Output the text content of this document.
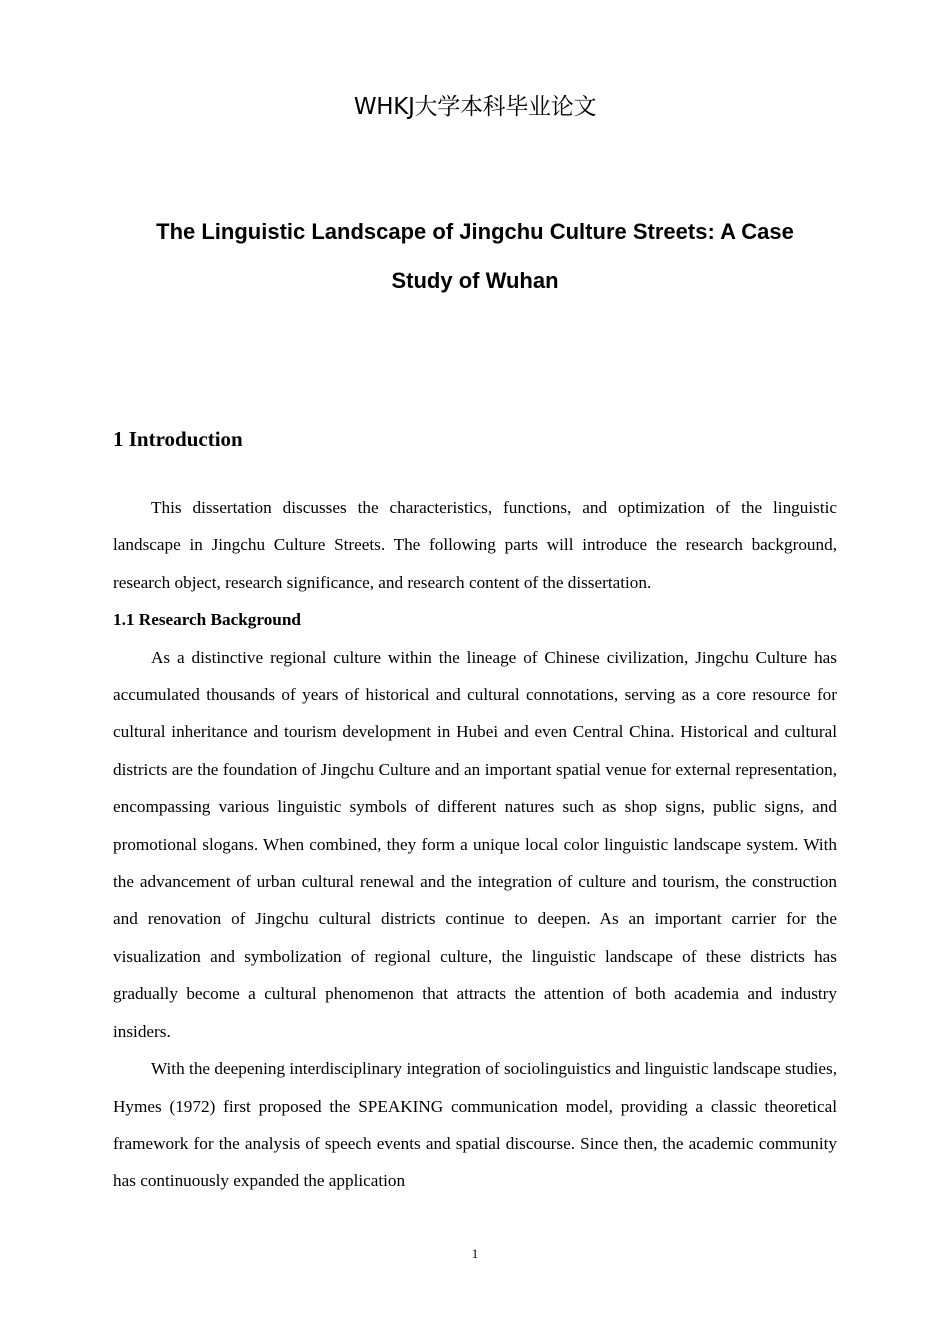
WHKJ大学本科毕业论文
The Linguistic Landscape of Jingchu Culture Streets: A Case
Study of Wuhan
1 Introduction

This dissertation discusses the characteristics, functions, and optimization of the linguistic landscape in Jingchu Culture Streets. The following parts will introduce the research background, research object, research significance, and research content of the dissertation.

1.1 Research Background

As a distinctive regional culture within the lineage of Chinese civilization, Jingchu Culture has accumulated thousands of years of historical and cultural connotations, serving as a core resource for cultural inheritance and tourism development in Hubei and even Central China. Historical and cultural districts are the foundation of Jingchu Culture and an important spatial venue for external representation, encompassing various linguistic symbols of different natures such as shop signs, public signs, and promotional slogans. When combined, they form a unique local color linguistic landscape system. With the advancement of urban cultural renewal and the integration of culture and tourism, the construction and renovation of Jingchu cultural districts continue to deepen. As an important carrier for the visualization and symbolization of regional culture, the linguistic landscape of these districts has gradually become a cultural phenomenon that attracts the attention of both academia and industry insiders.

With the deepening interdisciplinary integration of sociolinguistics and linguistic landscape studies, Hymes (1972) first proposed the SPEAKING communication model, providing a classic theoretical framework for the analysis of speech events and spatial discourse. Since then, the academic community has continuously expanded the application

1
